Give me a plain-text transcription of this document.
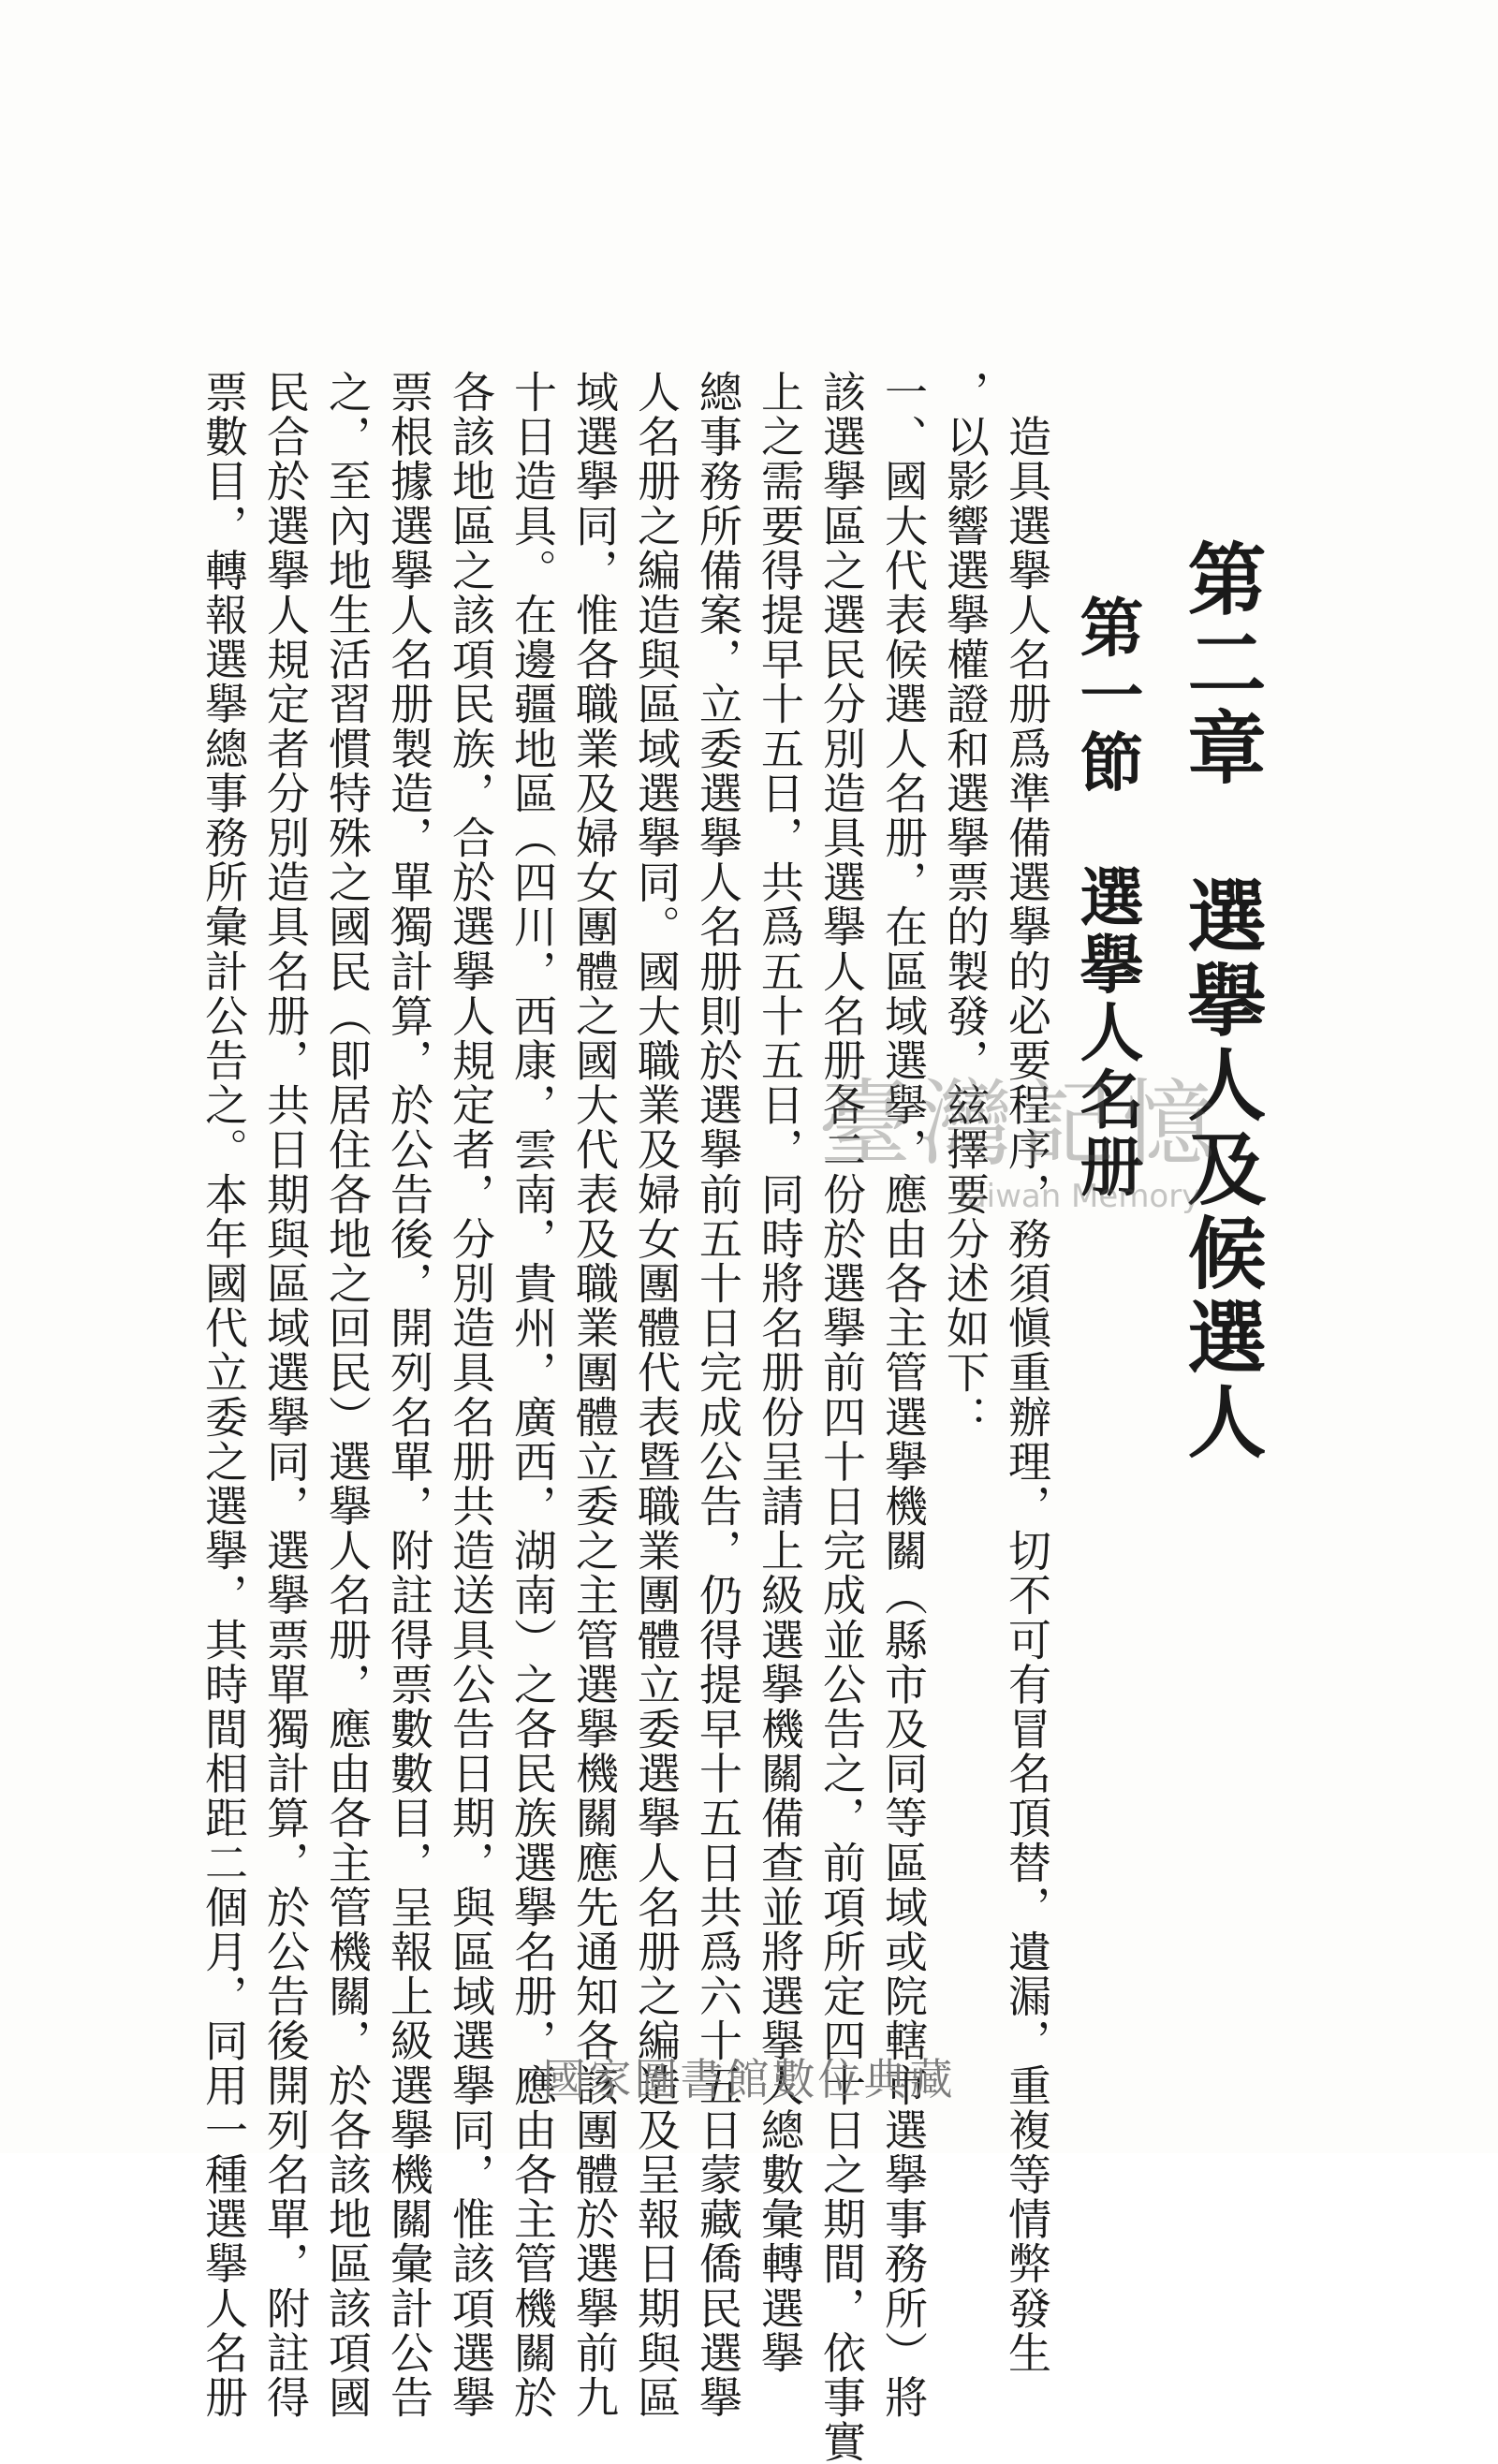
第二章　選擧人及候選人
第一節　選擧人名册
　造具選擧人名册爲準備選擧的必要程序，務須愼重辦理，切不可有冒名頂替，遺漏，重複等情弊發生
，以影響選擧權證和選擧票的製發，玆擇要分述如下：
一、國大代表候選人名册，在區域選擧，應由各主管選擧機關（縣市及同等區域或院轄市選擧事務所）將
該選擧區之選民分別造具選擧人名册各二份於選擧前四十日完成並公告之，前項所定四十日之期間，依事實
上之需要得提早十五日，共爲五十五日，同時將名册份呈請上級選擧機關備查並將選擧人總數彙轉選擧
總事務所備案，立委選擧人名册則於選擧前五十日完成公告，仍得提早十五日共爲六十五日蒙藏僑民選擧
人名册之編造與區域選擧同。國大職業及婦女團體代表暨職業團體立委選擧人名册之編造及呈報日期與區
域選擧同，惟各職業及婦女團體之國大代表及職業團體立委之主管選擧機關應先通知各該團體於選擧前九
十日造具。在邊疆地區（四川，西康，雲南，貴州，廣西，湖南）之各民族選擧名册，應由各主管機關於
各該地區之該項民族，合於選擧人規定者，分別造具名册共造送具公告日期，與區域選擧同，惟該項選擧
票根據選擧人名册製造，單獨計算，於公告後，開列名單，附註得票數數目，呈報上級選擧機關彙計公告
之，至內地生活習慣特殊之國民（即居住各地之回民）選擧人名册，應由各主管機關，於各該地區該項國
民合於選擧人規定者分別造具名册，共日期與區域選擧同，選擧票單獨計算，於公告後開列名單，附註得
票數目，轉報選擧總事務所彙計公告之。本年國代立委之選擧，其時間相距二個月，同用一種選擧人名册	臺灣記憶
Taiwan Memory
國家圖書館數位典藏
